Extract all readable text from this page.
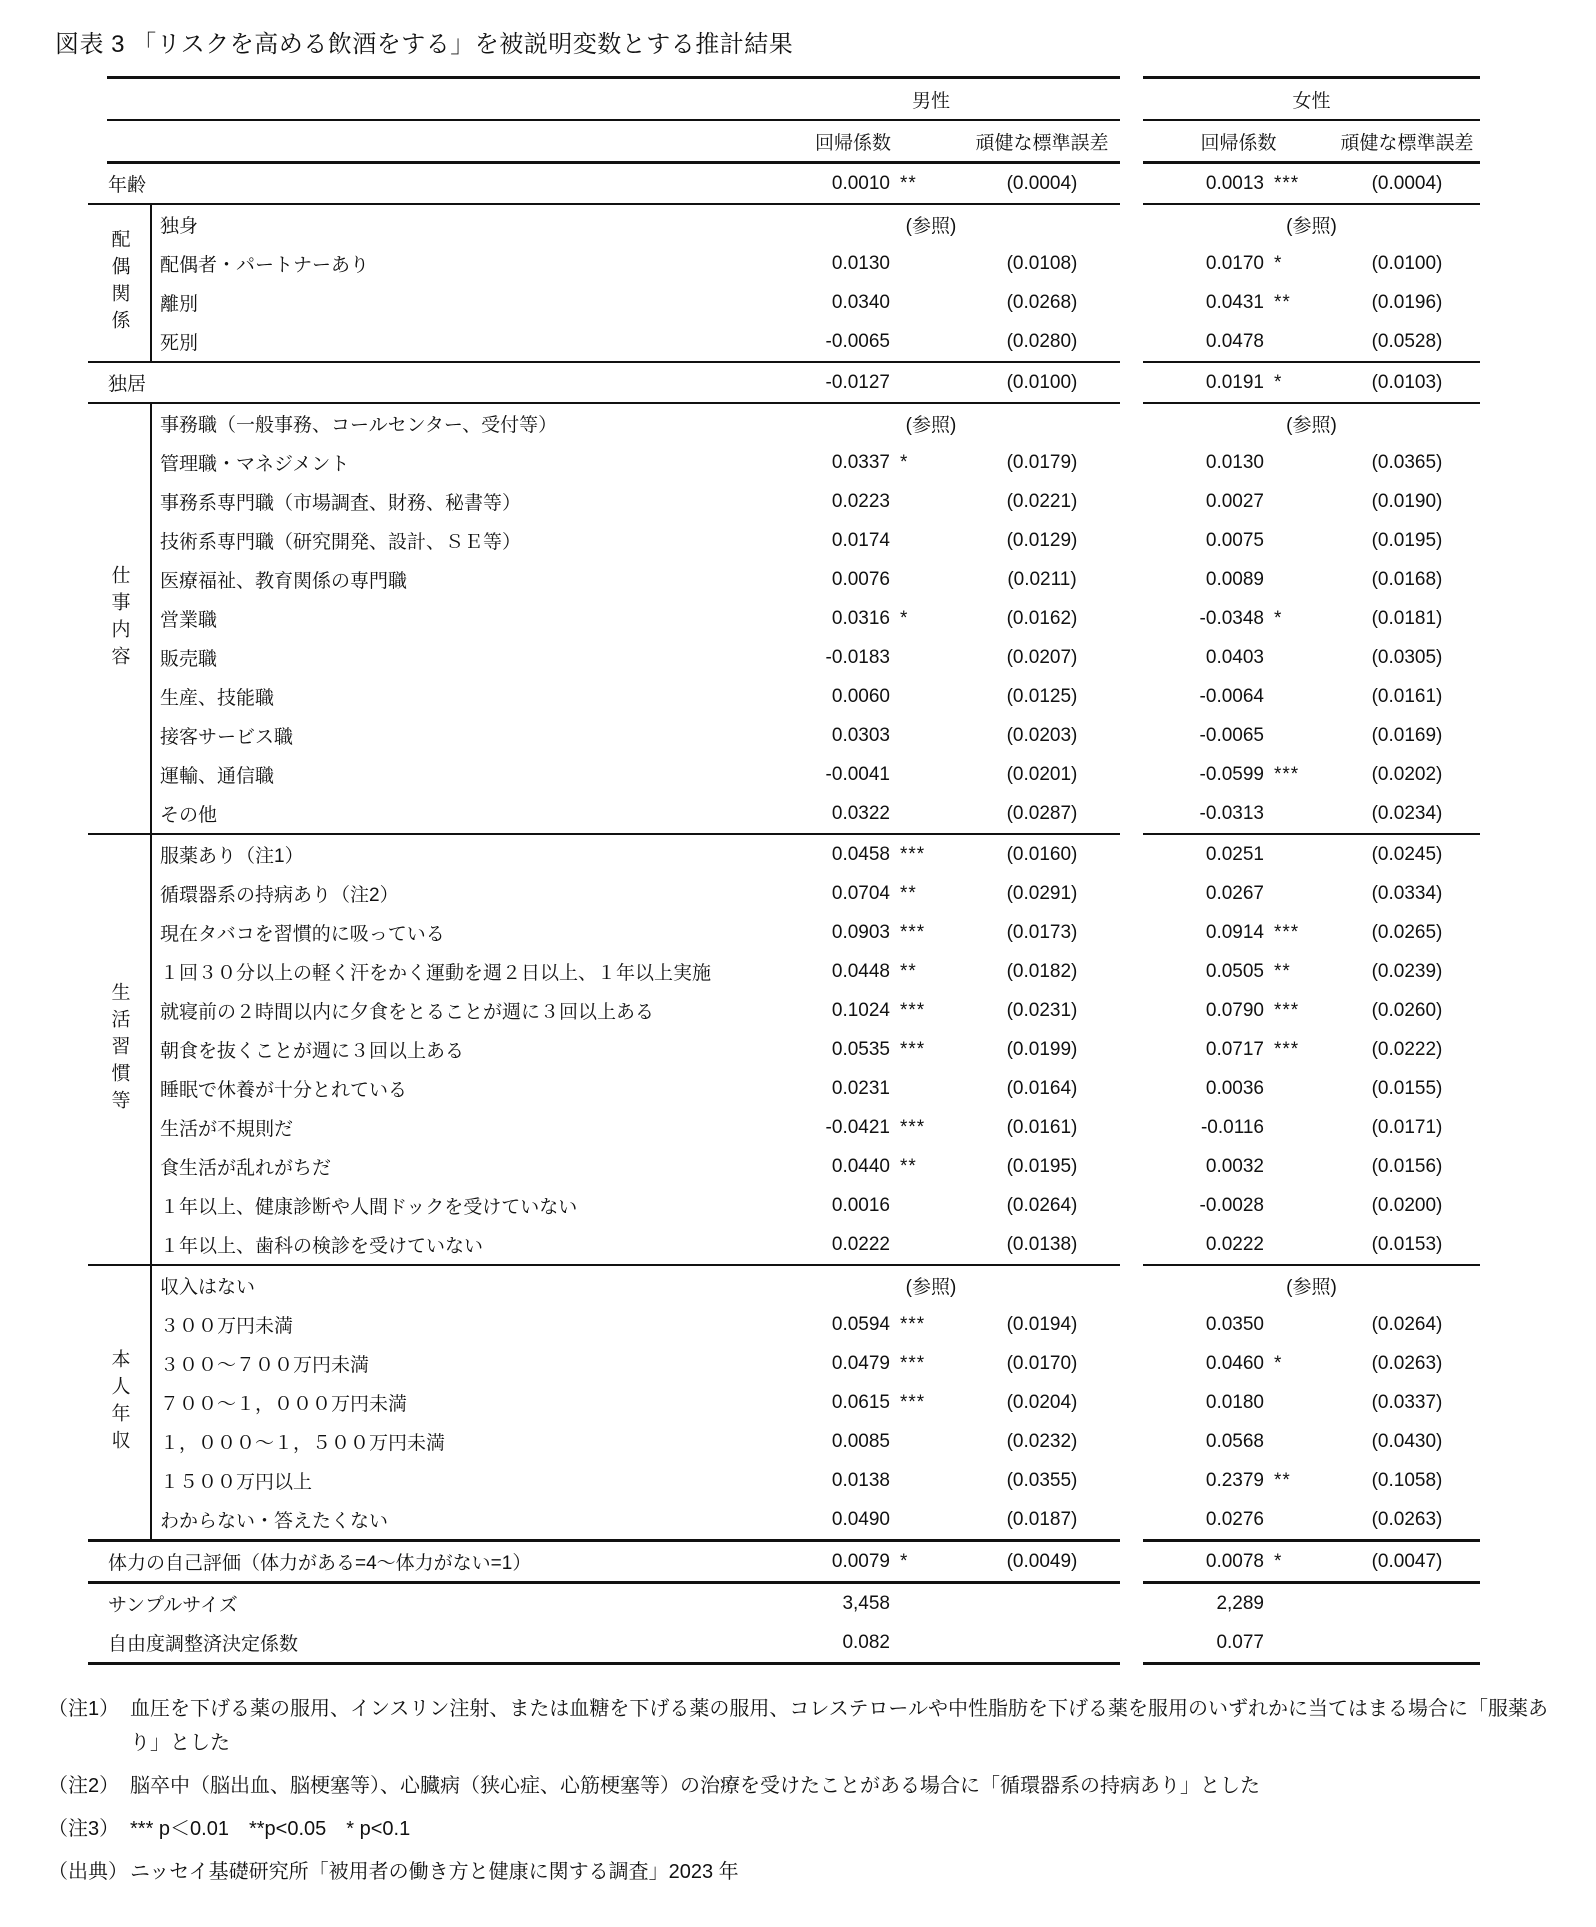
図表 3 「リスクを高める飲酒をする」を被説明変数とする推計結果
男性	女性
回帰係数	頑健な標準誤差	回帰係数	頑健な標準誤差
年齢	0.0010 **	(0.0004)	0.0013 ***	(0.0004)
配偶関係
独身	(参照)	(参照)
配偶者・パートナーあり	0.0130	(0.0108)	0.0170 *	(0.0100)
離別	0.0340	(0.0268)	0.0431 **	(0.0196)
死別	-0.0065	(0.0280)	0.0478	(0.0528)
独居	-0.0127	(0.0100)	0.0191 *	(0.0103)
仕事内容
事務職（一般事務、コールセンター、受付等）	(参照)	(参照)
管理職・マネジメント	0.0337 *	(0.0179)	0.0130	(0.0365)
事務系専門職（市場調査、財務、秘書等）	0.0223	(0.0221)	0.0027	(0.0190)
技術系専門職（研究開発、設計、ＳＥ等）	0.0174	(0.0129)	0.0075	(0.0195)
医療福祉、教育関係の専門職	0.0076	(0.0211)	0.0089	(0.0168)
営業職	0.0316 *	(0.0162)	-0.0348 *	(0.0181)
販売職	-0.0183	(0.0207)	0.0403	(0.0305)
生産、技能職	0.0060	(0.0125)	-0.0064	(0.0161)
接客サービス職	0.0303	(0.0203)	-0.0065	(0.0169)
運輸、通信職	-0.0041	(0.0201)	-0.0599 ***	(0.0202)
その他	0.0322	(0.0287)	-0.0313	(0.0234)
生活習慣等
服薬あり（注1）	0.0458 ***	(0.0160)	0.0251	(0.0245)
循環器系の持病あり（注2）	0.0704 **	(0.0291)	0.0267	(0.0334)
現在タバコを習慣的に吸っている	0.0903 ***	(0.0173)	0.0914 ***	(0.0265)
１回３０分以上の軽く汗をかく運動を週２日以上、１年以上実施	0.0448 **	(0.0182)	0.0505 **	(0.0239)
就寝前の２時間以内に夕食をとることが週に３回以上ある	0.1024 ***	(0.0231)	0.0790 ***	(0.0260)
朝食を抜くことが週に３回以上ある	0.0535 ***	(0.0199)	0.0717 ***	(0.0222)
睡眠で休養が十分とれている	0.0231	(0.0164)	0.0036	(0.0155)
生活が不規則だ	-0.0421 ***	(0.0161)	-0.0116	(0.0171)
食生活が乱れがちだ	0.0440 **	(0.0195)	0.0032	(0.0156)
１年以上、健康診断や人間ドックを受けていない	0.0016	(0.0264)	-0.0028	(0.0200)
１年以上、歯科の検診を受けていない	0.0222	(0.0138)	0.0222	(0.0153)
本人年収
収入はない	(参照)	(参照)
３００万円未満	0.0594 ***	(0.0194)	0.0350	(0.0264)
３００～７００万円未満	0.0479 ***	(0.0170)	0.0460 *	(0.0263)
７００～１，０００万円未満	0.0615 ***	(0.0204)	0.0180	(0.0337)
１，０００～１，５００万円未満	0.0085	(0.0232)	0.0568	(0.0430)
１５００万円以上	0.0138	(0.0355)	0.2379 **	(0.1058)
わからない・答えたくない	0.0490	(0.0187)	0.0276	(0.0263)
体力の自己評価（体力がある=4～体力がない=1）	0.0079 *	(0.0049)	0.0078 *	(0.0047)
サンプルサイズ	3,458	2,289
自由度調整済決定係数	0.082	0.077
（注1） 血圧を下げる薬の服用、インスリン注射、または血糖を下げる薬の服用、コレステロールや中性脂肪を下げる薬を服用のいずれかに当てはまる場合に「服薬あり」とした
（注2） 脳卒中（脳出血、脳梗塞等）、心臓病（狭心症、心筋梗塞等）の治療を受けたことがある場合に「循環器系の持病あり」とした
（注3） *** p＜0.01　**p<0.05　* p<0.1
（出典） ニッセイ基礎研究所「被用者の働き方と健康に関する調査」2023 年
